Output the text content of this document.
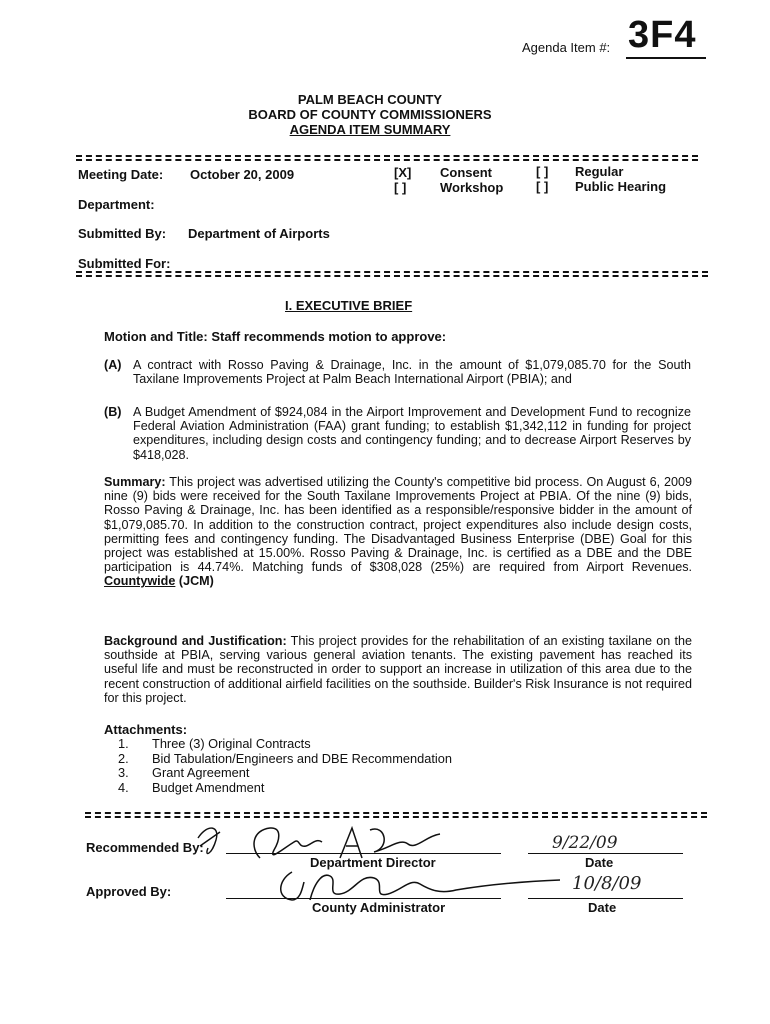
Agenda Item #: 3F4
PALM BEACH COUNTY
BOARD OF COUNTY COMMISSIONERS
AGENDA ITEM SUMMARY
Meeting Date: October 20, 2009	[X] Consent	[ ] Regular
[ ]	Workshop	[ ] Public Hearing
Department:
Submitted By: Department of Airports
Submitted For:
I. EXECUTIVE BRIEF
Motion and Title: Staff recommends motion to approve:
(A) A contract with Rosso Paving & Drainage, Inc. in the amount of $1,079,085.70 for the South Taxilane Improvements Project at Palm Beach International Airport (PBIA); and
(B) A Budget Amendment of $924,084 in the Airport Improvement and Development Fund to recognize Federal Aviation Administration (FAA) grant funding; to establish $1,342,112 in funding for project expenditures, including design costs and contingency funding; and to decrease Airport Reserves by $418,028.
Summary: This project was advertised utilizing the County's competitive bid process. On August 6, 2009 nine (9) bids were received for the South Taxilane Improvements Project at PBIA. Of the nine (9) bids, Rosso Paving & Drainage, Inc. has been identified as a responsible/responsive bidder in the amount of $1,079,085.70. In addition to the construction contract, project expenditures also include design costs, permitting fees and contingency funding. The Disadvantaged Business Enterprise (DBE) Goal for this project was established at 15.00%. Rosso Paving & Drainage, Inc. is certified as a DBE and the DBE participation is 44.74%. Matching funds of $308,028 (25%) are required from Airport Revenues. Countywide (JCM)
Background and Justification: This project provides for the rehabilitation of an existing taxilane on the southside at PBIA, serving various general aviation tenants. The existing pavement has reached its useful life and must be reconstructed in order to support an increase in utilization of this area due to the recent construction of additional airfield facilities on the southside. Builder's Risk Insurance is not required for this project.
Attachments:
1. Three (3) Original Contracts
2. Bid Tabulation/Engineers and DBE Recommendation
3. Grant Agreement
4. Budget Amendment
Recommended By:
Department Director	Date
Approved By:
County Administrator	Date
9/22/09
10/8/09
